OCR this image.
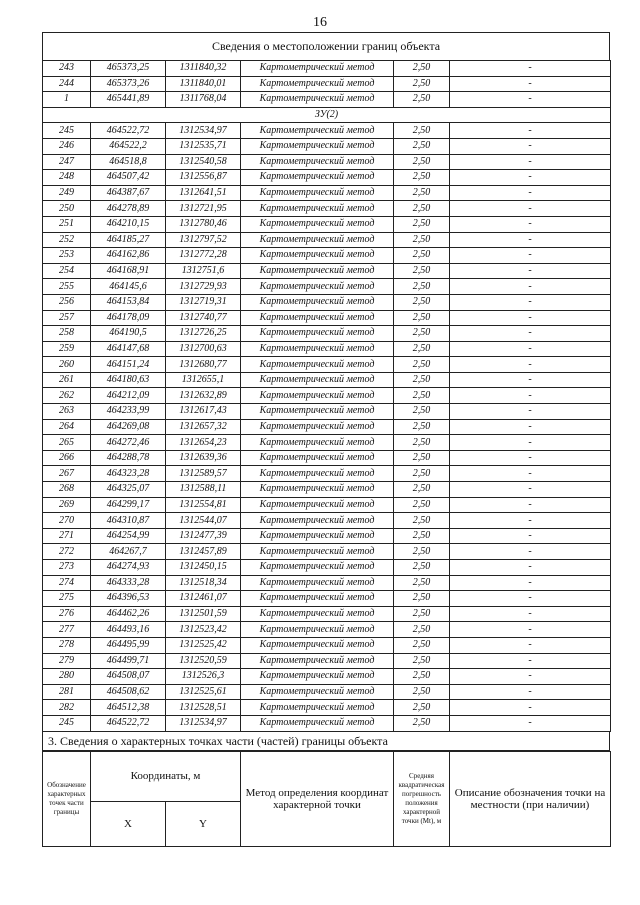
16
Сведения о местоположении границ объекта
243	465373,25	1311840,32	Картометрический метод	2,50	-
244	465373,26	1311840,01	Картометрический метод	2,50	-
1	465441,89	1311768,04	Картометрический метод	2,50	-
ЗУ(2)					
245	464522,72	1312534,97	Картометрический метод	2,50	-
246	464522,2	1312535,71	Картометрический метод	2,50	-
247	464518,8	1312540,58	Картометрический метод	2,50	-
248	464507,42	1312556,87	Картометрический метод	2,50	-
249	464387,67	1312641,51	Картометрический метод	2,50	-
250	464278,89	1312721,95	Картометрический метод	2,50	-
251	464210,15	1312780,46	Картометрический метод	2,50	-
252	464185,27	1312797,52	Картометрический метод	2,50	-
253	464162,86	1312772,28	Картометрический метод	2,50	-
254	464168,91	1312751,6	Картометрический метод	2,50	-
255	464145,6	1312729,93	Картометрический метод	2,50	-
256	464153,84	1312719,31	Картометрический метод	2,50	-
257	464178,09	1312740,77	Картометрический метод	2,50	-
258	464190,5	1312726,25	Картометрический метод	2,50	-
259	464147,68	1312700,63	Картометрический метод	2,50	-
260	464151,24	1312680,77	Картометрический метод	2,50	-
261	464180,63	1312655,1	Картометрический метод	2,50	-
262	464212,09	1312632,89	Картометрический метод	2,50	-
263	464233,99	1312617,43	Картометрический метод	2,50	-
264	464269,08	1312657,32	Картометрический метод	2,50	-
265	464272,46	1312654,23	Картометрический метод	2,50	-
266	464288,78	1312639,36	Картометрический метод	2,50	-
267	464323,28	1312589,57	Картометрический метод	2,50	-
268	464325,07	1312588,11	Картометрический метод	2,50	-
269	464299,17	1312554,81	Картометрический метод	2,50	-
270	464310,87	1312544,07	Картометрический метод	2,50	-
271	464254,99	1312477,39	Картометрический метод	2,50	-
272	464267,7	1312457,89	Картометрический метод	2,50	-
273	464274,93	1312450,15	Картометрический метод	2,50	-
274	464333,28	1312518,34	Картометрический метод	2,50	-
275	464396,53	1312461,07	Картометрический метод	2,50	-
276	464462,26	1312501,59	Картометрический метод	2,50	-
277	464493,16	1312523,42	Картометрический метод	2,50	-
278	464495,99	1312525,42	Картометрический метод	2,50	-
279	464499,71	1312520,59	Картометрический метод	2,50	-
280	464508,07	1312526,3	Картометрический метод	2,50	-
281	464508,62	1312525,61	Картометрический метод	2,50	-
282	464512,38	1312528,51	Картометрический метод	2,50	-
245	464522,72	1312534,97	Картометрический метод	2,50	-
3. Сведения о характерных точках части (частей) границы объекта
Обозначение характерных точек части границы	Координаты, м		Метод определения координат характерной точки	Средняя квадратическая погрешность положения характерной точки (Mt), м	Описание обозначения точки на местности (при наличии)
	X	Y			
